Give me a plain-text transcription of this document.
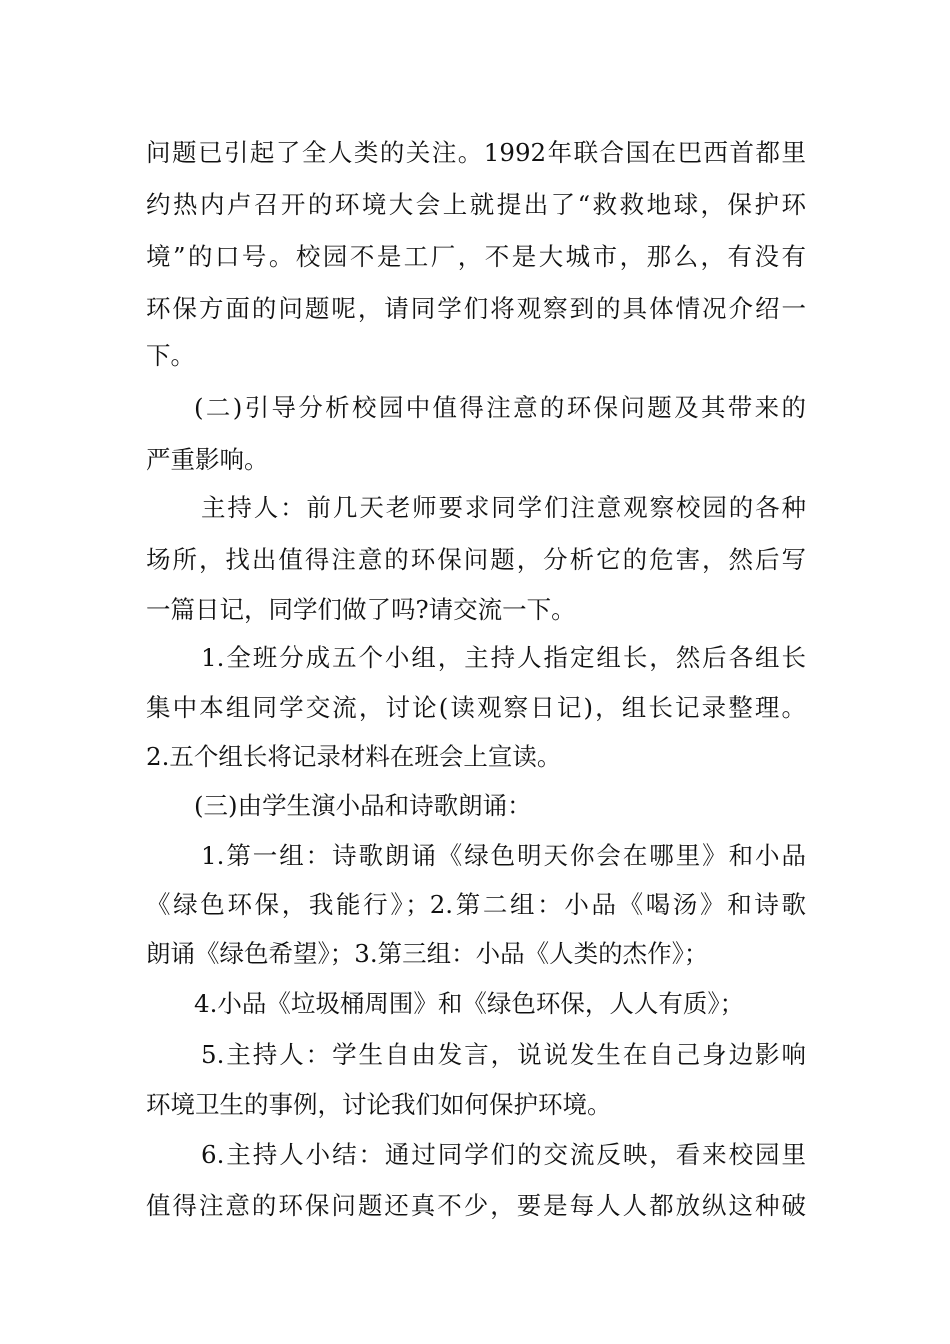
问题已引起了全人类的关注。1992年联合国在巴西首都里
约热内卢召开的环境大会上就提出了“救救地球，保护环
境”的口号。校园不是工厂，不是大城市，那么，有没有
环保方面的问题呢，请同学们将观察到的具体情况介绍一
下。
(二)引导分析校园中值得注意的环保问题及其带来的
严重影响。
主持人：前几天老师要求同学们注意观察校园的各种
场所，找出值得注意的环保问题，分析它的危害，然后写
一篇日记，同学们做了吗?请交流一下。
1.全班分成五个小组，主持人指定组长，然后各组长
集中本组同学交流，讨论(读观察日记)，组长记录整理。
2.五个组长将记录材料在班会上宣读。
(三)由学生演小品和诗歌朗诵：
1.第一组：诗歌朗诵《绿色明天你会在哪里》和小品
《绿色环保，我能行》；2.第二组：小品《喝汤》和诗歌
朗诵《绿色希望》；3.第三组：小品《人类的杰作》；
4.小品《垃圾桶周围》和《绿色环保，人人有质》；
5.主持人：学生自由发言，说说发生在自己身边影响
环境卫生的事例，讨论我们如何保护环境。
6.主持人小结：通过同学们的交流反映，看来校园里
值得注意的环保问题还真不少，要是每人人都放纵这种破
